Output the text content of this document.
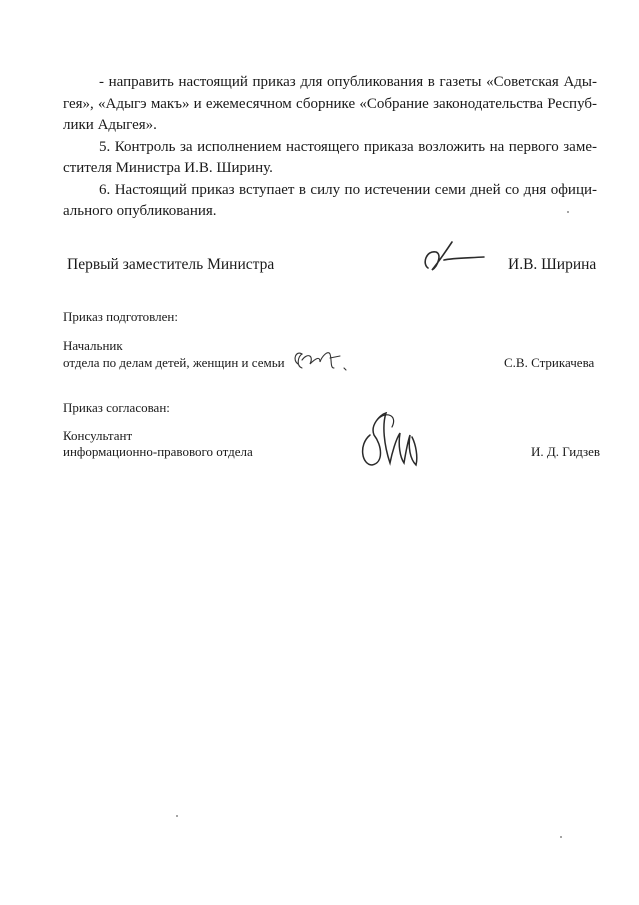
- направить настоящий приказ для опубликования в газеты «Советская Ады-
гея», «Адыгэ макъ» и ежемесячном сборнике «Собрание законодательства Респуб-
лики Адыгея».
5. Контроль за исполнением настоящего приказа возложить на первого заме-
стителя Министра И.В. Ширину.
6. Настоящий приказ вступает в силу по истечении семи дней со дня офици-
ального опубликования.
Первый заместитель Министра	И.В. Ширина
Приказ подготовлен:
Начальник
отдела по делам детей, женщин и семьи	С.В. Стрикачева
Приказ согласован:
Консультант
информационно-правового отдела	И. Д. Гидзев
